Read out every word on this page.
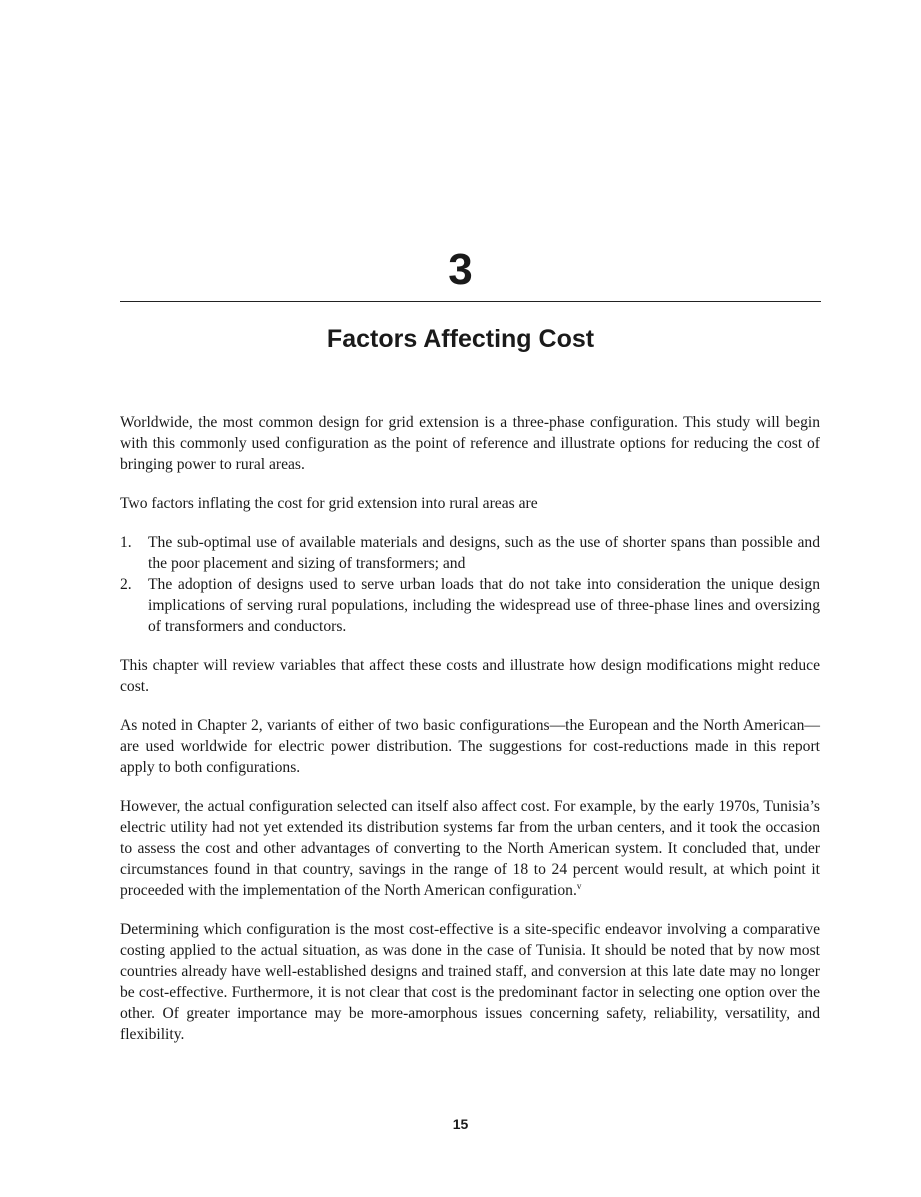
3
Factors Affecting Cost

Worldwide, the most common design for grid extension is a three-phase configuration. This study will begin with this commonly used configuration as the point of reference and illustrate options for reducing the cost of bringing power to rural areas.

Two factors inflating the cost for grid extension into rural areas are

1. The sub-optimal use of available materials and designs, such as the use of shorter spans than possible and the poor placement and sizing of transformers; and
2. The adoption of designs used to serve urban loads that do not take into consideration the unique design implications of serving rural populations, including the widespread use of three-phase lines and oversizing of transformers and conductors.

This chapter will review variables that affect these costs and illustrate how design modifications might reduce cost.

As noted in Chapter 2, variants of either of two basic configurations—the European and the North American—are used worldwide for electric power distribution. The suggestions for cost-reductions made in this report apply to both configurations.

However, the actual configuration selected can itself also affect cost. For example, by the early 1970s, Tunisia’s electric utility had not yet extended its distribution systems far from the urban centers, and it took the occasion to assess the cost and other advantages of converting to the North American system. It concluded that, under circumstances found in that country, savings in the range of 18 to 24 percent would result, at which point it proceeded with the implementation of the North American configuration.$^v$

Determining which configuration is the most cost-effective is a site-specific endeavor involving a comparative costing applied to the actual situation, as was done in the case of Tunisia. It should be noted that by now most countries already have well-established designs and trained staff, and conversion at this late date may no longer be cost-effective. Furthermore, it is not clear that cost is the predominant factor in selecting one option over the other. Of greater importance may be more-amorphous issues concerning safety, reliability, versatility, and flexibility.

15
